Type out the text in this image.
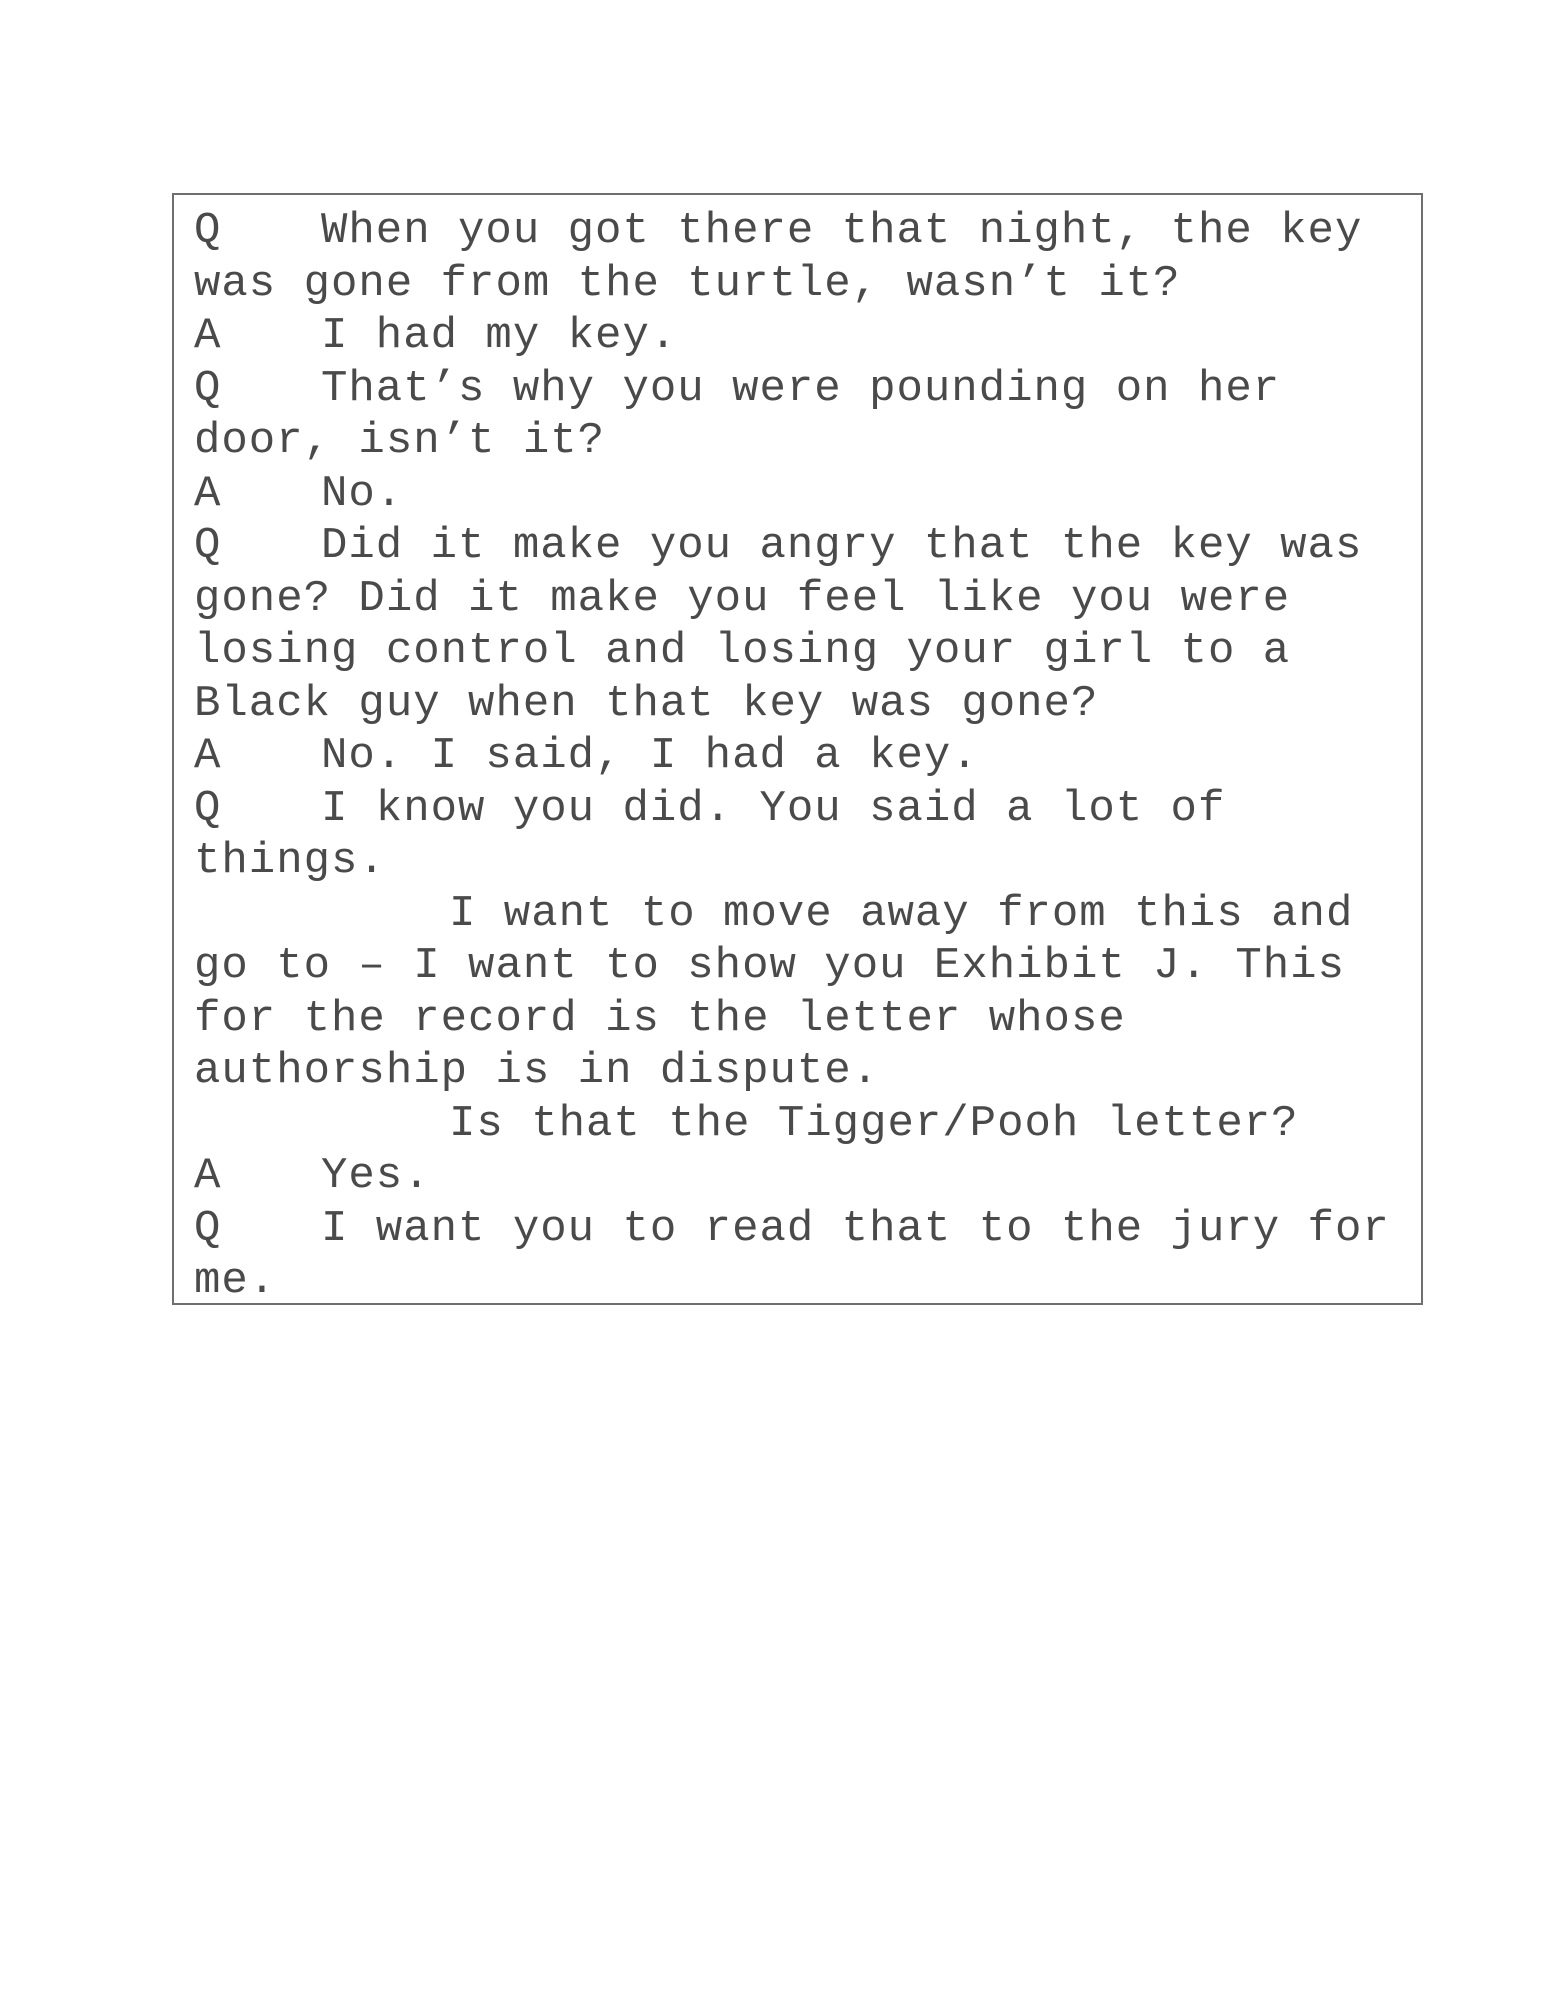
Q When you got there that night, the key
was gone from the turtle, wasn’t it?
A I had my key.
Q That’s why you were pounding on her
door, isn’t it?
A No.
Q Did it make you angry that the key was
gone? Did it make you feel like you were
losing control and losing your girl to a
Black guy when that key was gone?
A No. I said, I had a key.
Q I know you did. You said a lot of
things.
I want to move away from this and
go to – I want to show you Exhibit J. This
for the record is the letter whose
authorship is in dispute.
Is that the Tigger/Pooh letter?
A Yes.
Q I want you to read that to the jury for
me.
